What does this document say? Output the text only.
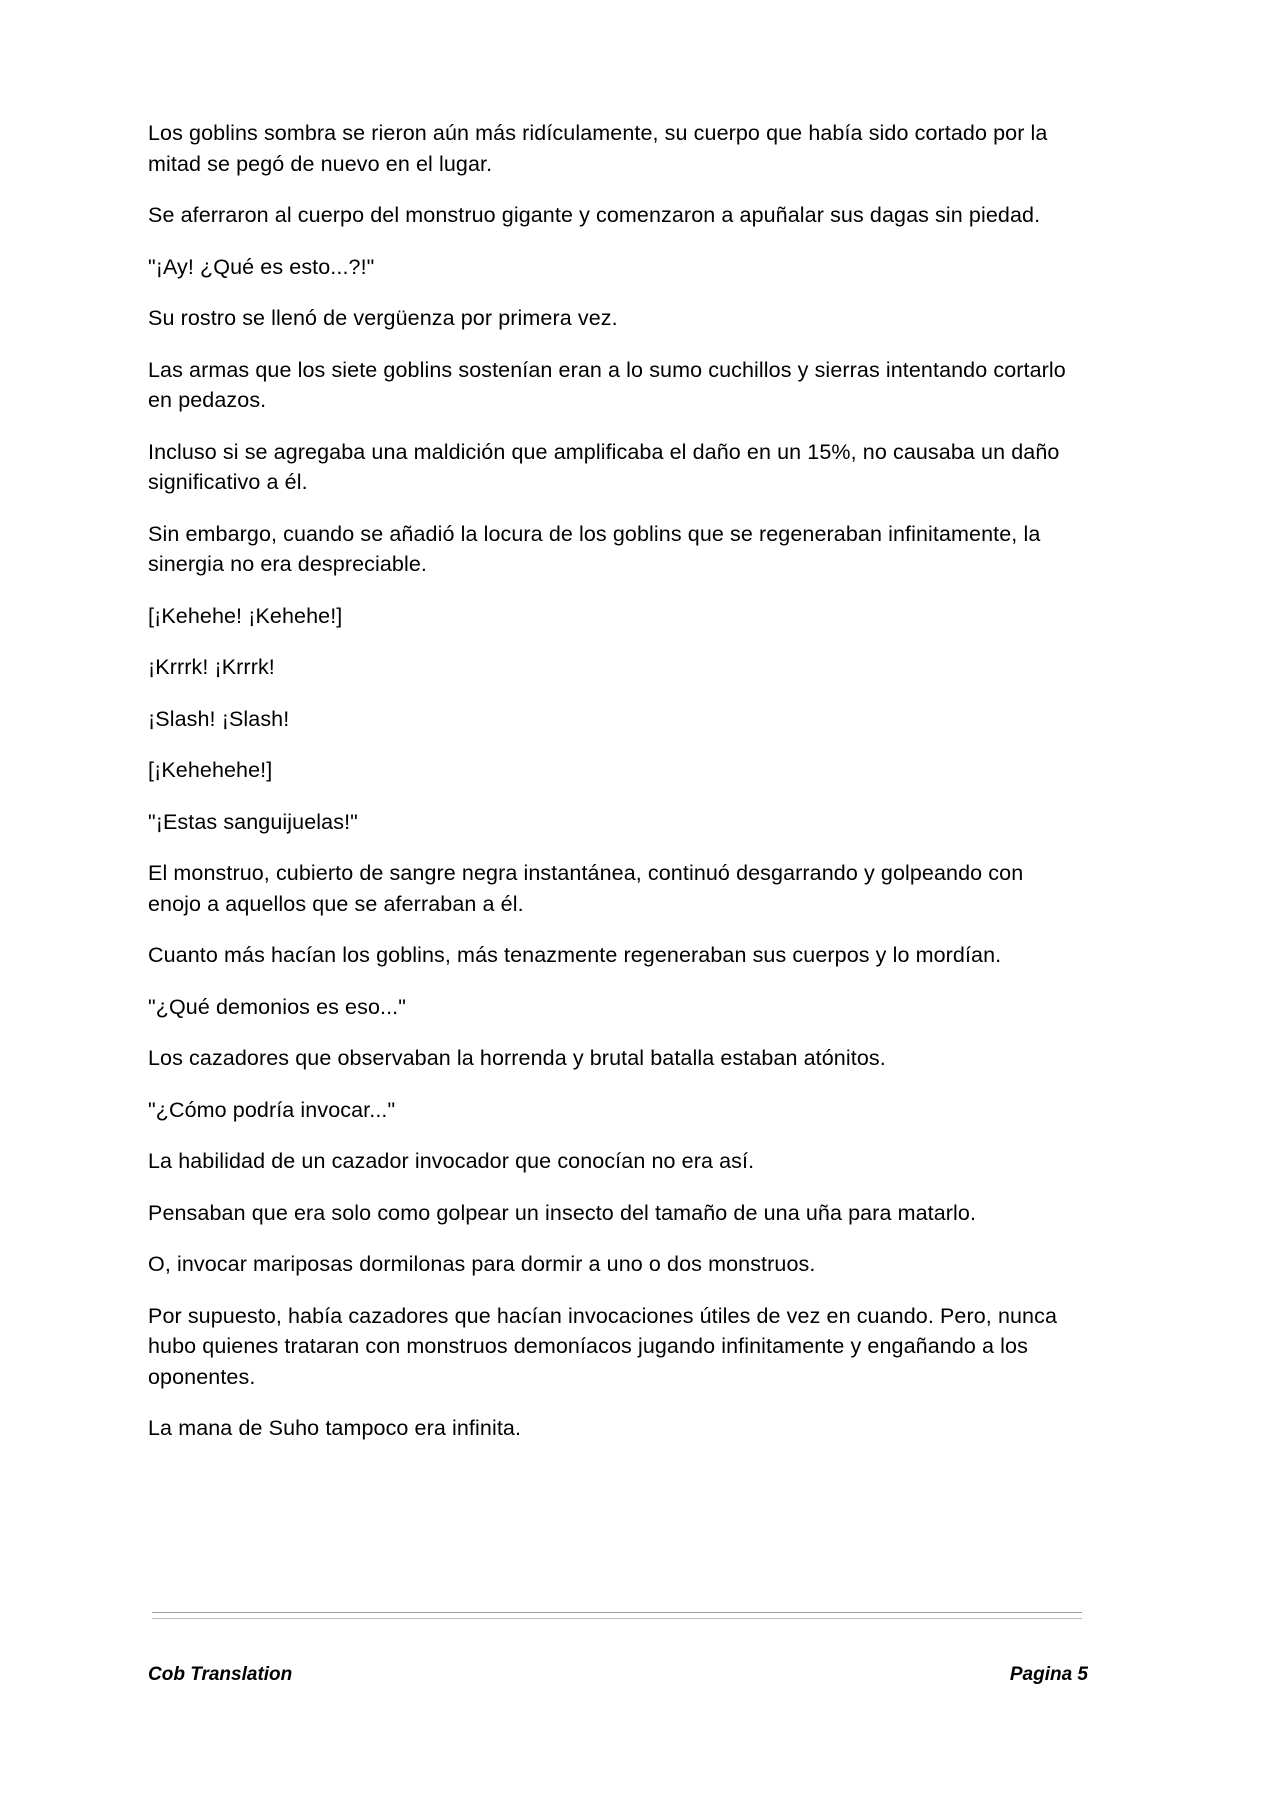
Los goblins sombra se rieron aún más ridículamente, su cuerpo que había sido cortado por la mitad se pegó de nuevo en el lugar.

Se aferraron al cuerpo del monstruo gigante y comenzaron a apuñalar sus dagas sin piedad.

"¡Ay! ¿Qué es esto...?!"

Su rostro se llenó de vergüenza por primera vez.

Las armas que los siete goblins sostenían eran a lo sumo cuchillos y sierras intentando cortarlo en pedazos.

Incluso si se agregaba una maldición que amplificaba el daño en un 15%, no causaba un daño significativo a él.

Sin embargo, cuando se añadió la locura de los goblins que se regeneraban infinitamente, la sinergia no era despreciable.

[¡Kehehe! ¡Kehehe!]

¡Krrrk! ¡Krrrk!

¡Slash! ¡Slash!

[¡Kehehehe!]

"¡Estas sanguijuelas!"

El monstruo, cubierto de sangre negra instantánea, continuó desgarrando y golpeando con enojo a aquellos que se aferraban a él.

Cuanto más hacían los goblins, más tenazmente regeneraban sus cuerpos y lo mordían.

"¿Qué demonios es eso..."

Los cazadores que observaban la horrenda y brutal batalla estaban atónitos.

"¿Cómo podría invocar..."

La habilidad de un cazador invocador que conocían no era así.

Pensaban que era solo como golpear un insecto del tamaño de una uña para matarlo.

O, invocar mariposas dormilonas para dormir a uno o dos monstruos.

Por supuesto, había cazadores que hacían invocaciones útiles de vez en cuando. Pero, nunca hubo quienes trataran con monstruos demoníacos jugando infinitamente y engañando a los oponentes.

La mana de Suho tampoco era infinita.

Cob Translation	Pagina 5
